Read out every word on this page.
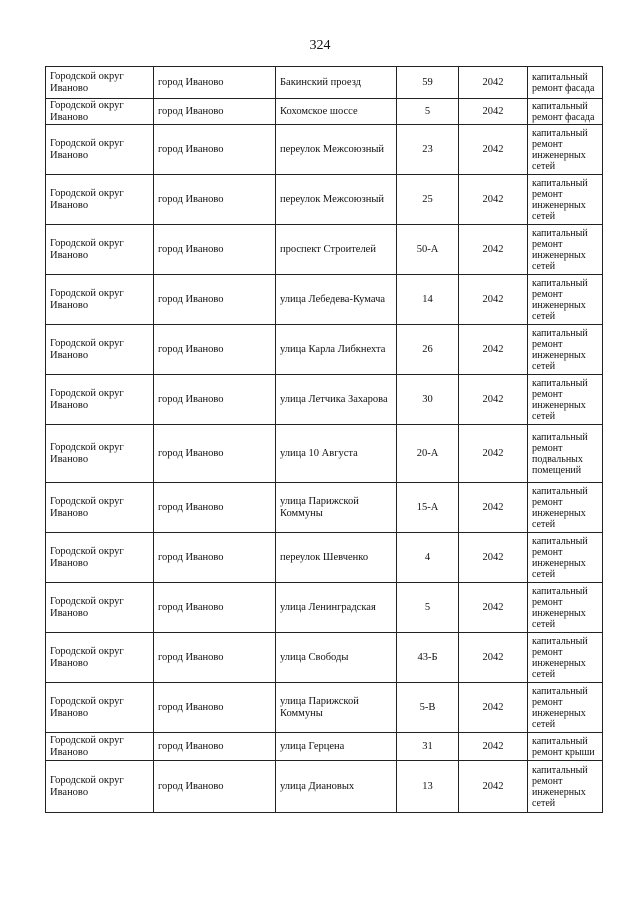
324
Городской округ Иваново	город Иваново	Бакинский проезд	59	2042	капитальный ремонт фасада
Городской округ Иваново	город Иваново	Кохомское шоссе	5	2042	капитальный ремонт фасада
Городской округ Иваново	город Иваново	переулок Межсоюзный	23	2042	капитальный ремонт инженерных сетей
Городской округ Иваново	город Иваново	переулок Межсоюзный	25	2042	капитальный ремонт инженерных сетей
Городской округ Иваново	город Иваново	проспект Строителей	50-А	2042	капитальный ремонт инженерных сетей
Городской округ Иваново	город Иваново	улица Лебедева-Кумача	14	2042	капитальный ремонт инженерных сетей
Городской округ Иваново	город Иваново	улица Карла Либкнехта	26	2042	капитальный ремонт инженерных сетей
Городской округ Иваново	город Иваново	улица Летчика Захарова	30	2042	капитальный ремонт инженерных сетей
Городской округ Иваново	город Иваново	улица 10 Августа	20-А	2042	капитальный ремонт подвальных помещений
Городской округ Иваново	город Иваново	улица Парижской Коммуны	15-А	2042	капитальный ремонт инженерных сетей
Городской округ Иваново	город Иваново	переулок Шевченко	4	2042	капитальный ремонт инженерных сетей
Городской округ Иваново	город Иваново	улица Ленинградская	5	2042	капитальный ремонт инженерных сетей
Городской округ Иваново	город Иваново	улица Свободы	43-Б	2042	капитальный ремонт инженерных сетей
Городской округ Иваново	город Иваново	улица Парижской Коммуны	5-В	2042	капитальный ремонт инженерных сетей
Городской округ Иваново	город Иваново	улица Герцена	31	2042	капитальный ремонт крыши
Городской округ Иваново	город Иваново	улица Диановых	13	2042	капитальный ремонт инженерных сетей
